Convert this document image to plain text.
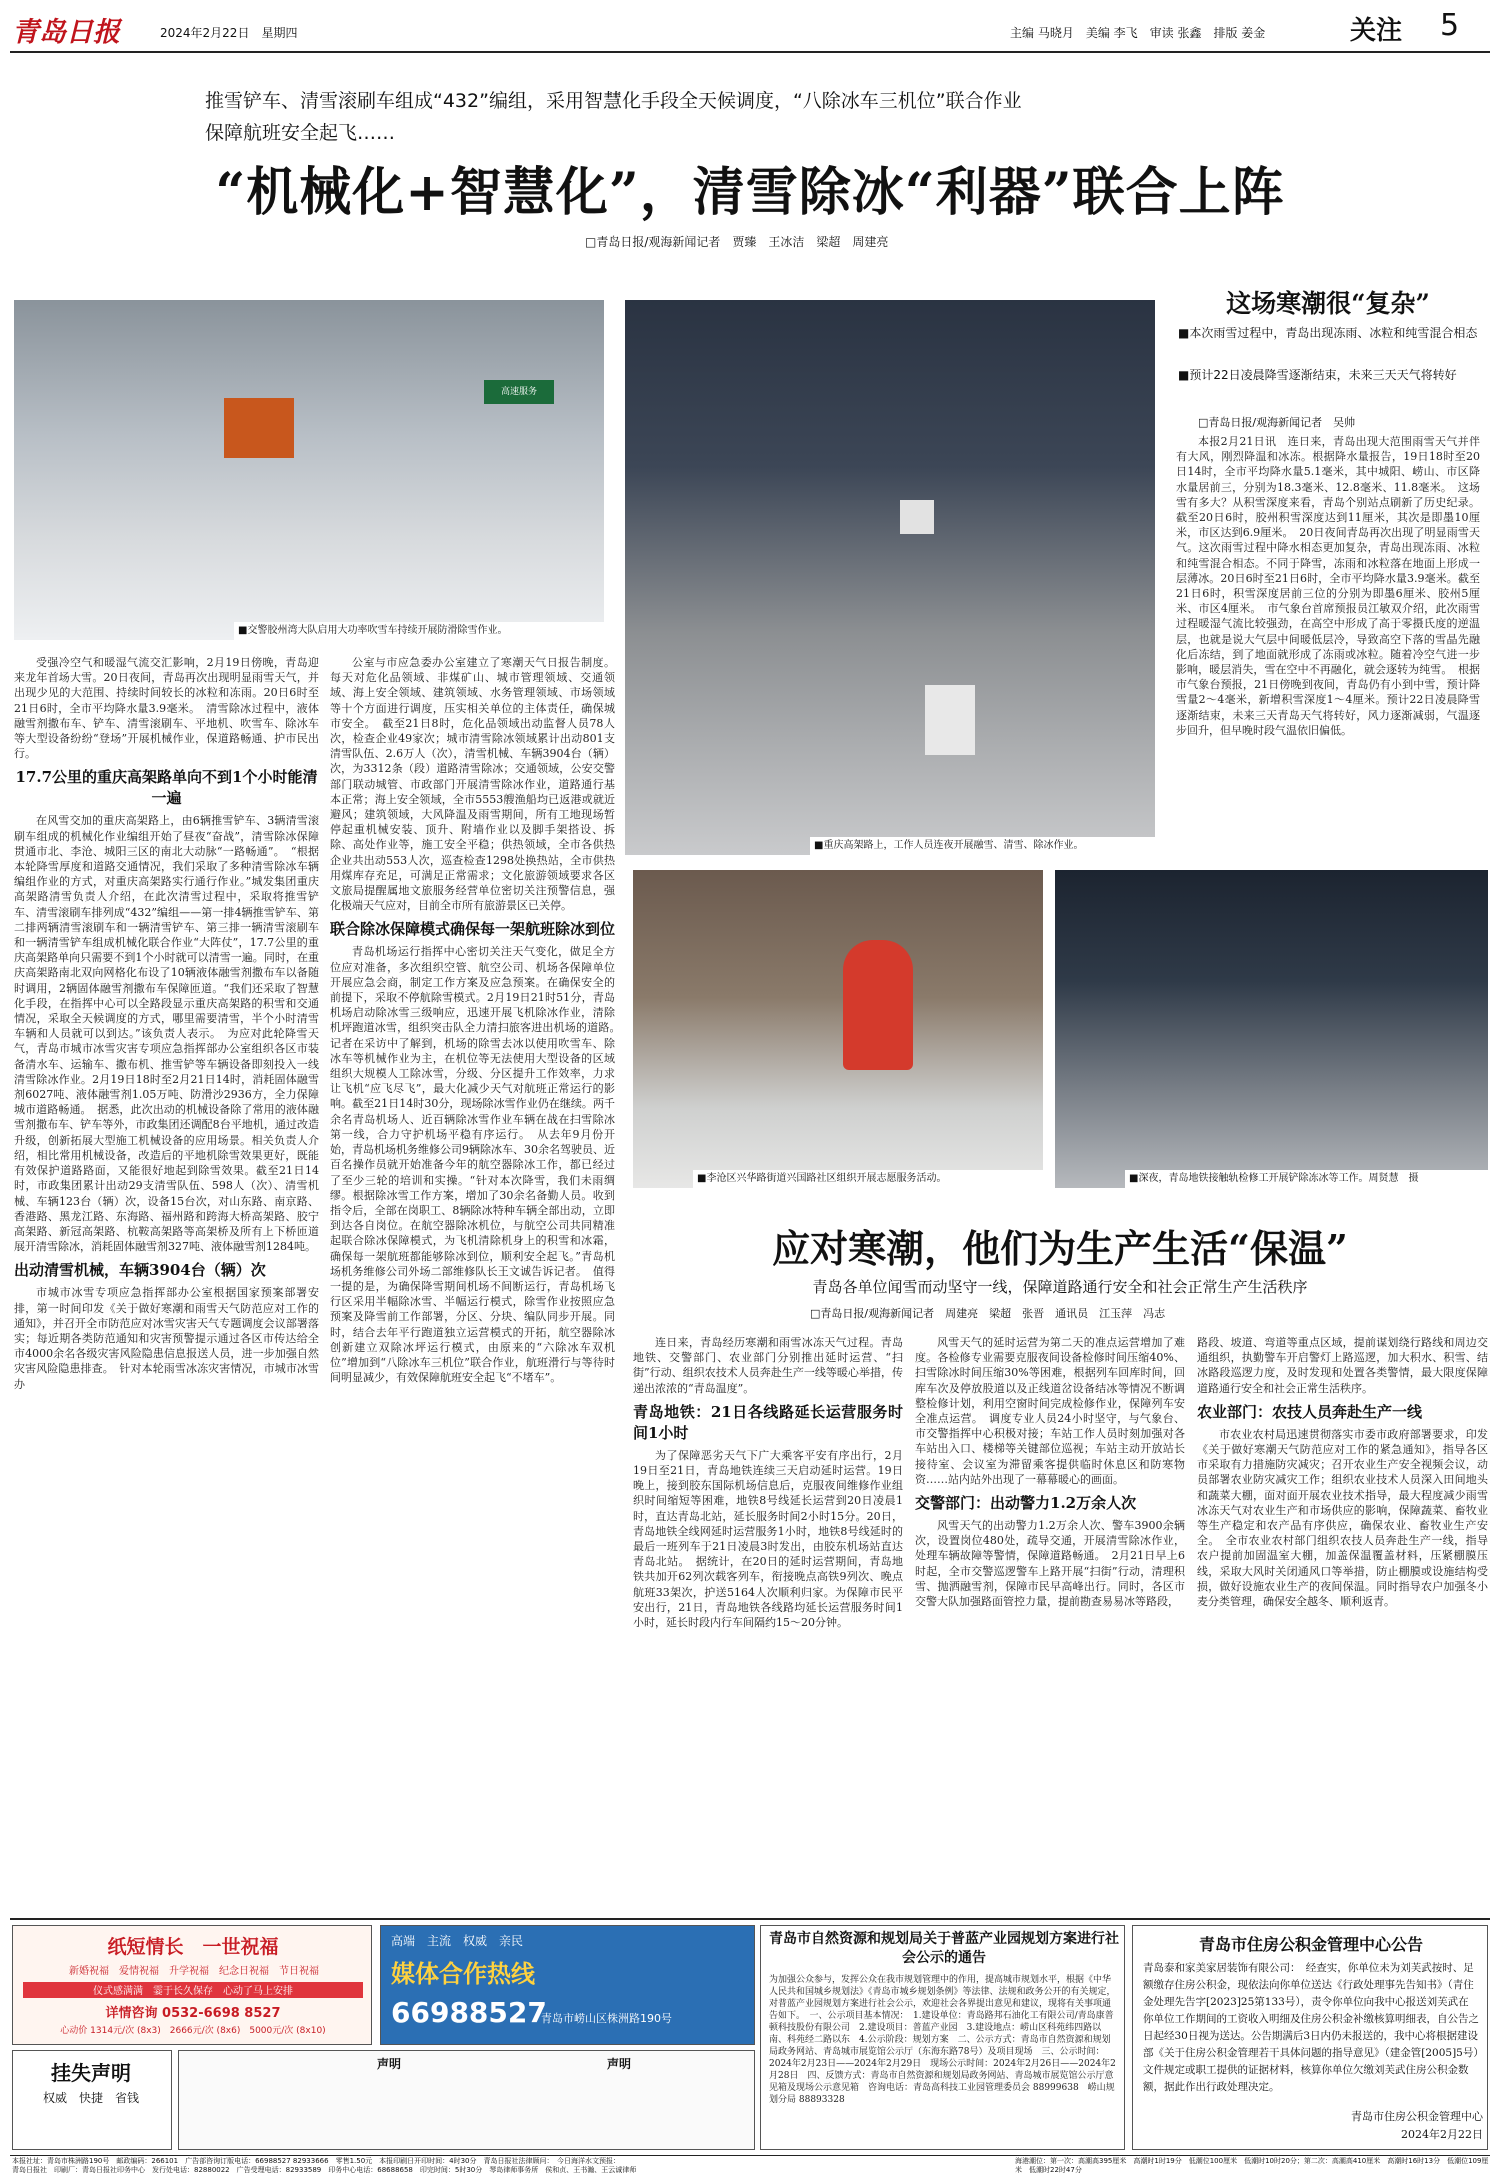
青岛日报	2024年2月22日　星期四	主编 马晓月　美编 李飞　审读 张鑫　排版 姜金	关注	5
推雪铲车、清雪滚刷车组成“432”编组，采用智慧化手段全天候调度，“八除冰车三机位”联合作业
保障航班安全起飞……
“机械化+智慧化”，清雪除冰“利器”联合上阵
□青岛日报/观海新闻记者　贾臻　王冰洁　梁超　周建亮
高速服务
■交警胶州湾大队启用大功率吹雪车持续开展防滑除雪作业。
■重庆高架路上，工作人员连夜开展融雪、清雪、除冰作业。
这场寒潮很“复杂”
■本次雨雪过程中，青岛出现冻雨、冰粒和纯雪混合相态
■预计22日凌晨降雪逐渐结束，未来三天天气将转好
□青岛日报/观海新闻记者　吴帅
本报2月21日讯　连日来，青岛出现大范围雨雪天气并伴有大风，刚烈降温和冰冻。根据降水量报告，19日18时至20日14时，全市平均降水量5.1毫米，其中城阳、崂山、市区降水量居前三，分别为18.3毫米、12.8毫米、11.8毫米。　这场雪有多大？从积雪深度来看，青岛个别站点刷新了历史纪录。截至20日6时，胶州积雪深度达到11厘米，其次是即墨10厘米，市区达到6.9厘米。　20日夜间青岛再次出现了明显雨雪天气。这次雨雪过程中降水相态更加复杂，青岛出现冻雨、冰粒和纯雪混合相态。不同于降雪，冻雨和冰粒落在地面上形成一层薄冰。20日6时至21日6时，全市平均降水量3.9毫米。截至21日6时，积雪深度居前三位的分别为即墨6厘米、胶州5厘米、市区4厘米。　市气象台首席预报员江敏双介绍，此次雨雪过程暖湿气流比较强劲，在高空中形成了高于零摄氏度的逆温层，也就是说大气层中间暖低层冷，导致高空下落的雪晶先融化后冻结，到了地面就形成了冻雨或冰粒。随着冷空气进一步影响，暖层消失，雪在空中不再融化，就会逐转为纯雪。　根据市气象台预报，21日傍晚到夜间，青岛仍有小到中雪，预计降雪量2～4毫米，新增积雪深度1～4厘米。预计22日凌晨降雪逐渐结束，未来三天青岛天气将转好，风力逐渐减弱，气温逐步回升，但早晚时段气温依旧偏低。

受强冷空气和暖湿气流交汇影响，2月19日傍晚，青岛迎来龙年首场大雪。20日夜间，青岛再次出现明显雨雪天气，并出现少见的大范围、持续时间较长的冰粒和冻雨。20日6时至21日6时，全市平均降水量3.9毫米。　清雪除冰过程中，液体融雪剂撒布车、铲车、清雪滚刷车、平地机、吹雪车、除冰车等大型设备纷纷“登场”开展机械作业，保道路畅通、护市民出行。

17.7公里的重庆高架路单向不到1个小时能清一遍

在风雪交加的重庆高架路上，由6辆推雪铲车、3辆清雪滚刷车组成的机械化作业编组开始了昼夜“奋战”，清雪除冰保障贯通市北、李沧、城阳三区的南北大动脉“一路畅通”。　“根据本轮降雪厚度和道路交通情况，我们采取了多种清雪除冰车辆编组作业的方式，对重庆高架路实行通行作业。”城发集团重庆高架路清雪负责人介绍，在此次清雪过程中，采取将推雪铲车、清雪滚刷车排列成“432”编组——第一排4辆推雪铲车、第二排两辆清雪滚刷车和一辆清雪铲车、第三排一辆清雪滚刷车和一辆清雪铲车组成机械化联合作业“大阵仗”，17.7公里的重庆高架路单向只需要不到1个小时就可以清雪一遍。同时，在重庆高架路南北双向网格化布设了10辆液体融雪剂撒布车以备随时调用，2辆固体融雪剂撒布车保障匝道。“我们还采取了智慧化手段，在指挥中心可以全路段显示重庆高架路的积雪和交通情况，采取全天候调度的方式，哪里需要清雪，半个小时清雪车辆和人员就可以到达。”该负责人表示。　为应对此轮降雪天气，青岛市城市冰雪灾害专项应急指挥部办公室组织各区市装备清水车、运输车、撒布机、推雪铲等车辆设备即刻投入一线清雪除冰作业。2月19日18时至2月21日14时，消耗固体融雪剂6027吨、液体融雪剂1.05万吨、防滑沙2936方，全力保障城市道路畅通。　据悉，此次出动的机械设备除了常用的液体融雪剂撒布车、铲车等外，市政集团还调配8台平地机，通过改造升级，创新拓展大型施工机械设备的应用场景。相关负责人介绍，相比常用机械设备，改造后的平地机除雪效果更好，既能有效保护道路路面，又能很好地起到除雪效果。截至21日14时，市政集团累计出动29支清雪队伍、598人（次）、清雪机械、车辆123台（辆）次，设备15台次，对山东路、南京路、香港路、黑龙江路、东海路、福州路和跨海大桥高架路、胶宁高架路、新冠高架路、杭鞍高架路等高架桥及所有上下桥匝道展开清雪除冰，消耗固体融雪剂327吨、液体融雪剂1284吨。

出动清雪机械，车辆3904台（辆）次

市城市冰雪专项应急指挥部办公室根据国家预案部署安排，第一时间印发《关于做好寒潮和雨雪天气防范应对工作的通知》，并召开全市防范应对冰雪灾害天气专题调度会议部署落实；每近期各类防范通知和灾害预警提示通过各区市传达给全市4000余名各级灾害风险隐患信息报送人员，进一步加强自然灾害风险隐患排查。　针对本轮雨雪冰冻灾害情况，市城市冰雪办

公室与市应急委办公室建立了寒潮天气日报告制度。每天对危化品领域、非煤矿山、城市管理领域、交通领域、海上安全领域、建筑领域、水务管理领域、市场领域等十个方面进行调度，压实相关单位的主体责任，确保城市安全。　截至21日8时，危化品领域出动监督人员78人次，检查企业49家次；城市清雪除冰领域累计出动801支清雪队伍、2.6万人（次），清雪机械、车辆3904台（辆）次，为3312条（段）道路清雪除冰；交通领域，公安交警部门联动城管、市政部门开展清雪除冰作业，道路通行基本正常；海上安全领域，全市5553艘渔船均已返港或就近避风；建筑领域，大风降温及雨雪期间，所有工地现场暂停起重机械安装、顶升、附墙作业以及脚手架搭设、拆除、高处作业等，施工安全平稳；供热领域，全市各供热企业共出动553人次，巡查检查1298处换热站，全市供热用煤库存充足，可满足正常需求；文化旅游领域要求各区文旅局提醒属地文旅服务经营单位密切关注预警信息，强化极端天气应对，目前全市所有旅游景区已关停。

联合除冰保障模式确保每一架航班除冰到位

青岛机场运行指挥中心密切关注天气变化，做足全方位应对准备，多次组织空管、航空公司、机场各保障单位开展应急会商，制定工作方案及应急预案。在确保安全的前提下，采取不停航除雪模式。2月19日21时51分，青岛机场启动除冰雪三级响应，迅速开展飞机除冰作业，清除机坪跑道冰雪，组织突击队全力清扫旅客进出机场的道路。　记者在采访中了解到，机场的除雪去冰以使用吹雪车、除冰车等机械作业为主，在机位等无法使用大型设备的区域组织大规模人工除冰雪，分级、分区提升工作效率，力求让飞机“应飞尽飞”，最大化减少天气对航班正常运行的影响。截至21日14时30分，现场除冰雪作业仍在继续。两千余名青岛机场人、近百辆除冰雪作业车辆在战在扫雪除冰第一线，合力守护机场平稳有序运行。　从去年9月份开始，青岛机场机务维修公司9辆除冰车、30余名驾驶员、近百名操作员就开始准备今年的航空器除冰工作，都已经过了至少三轮的培训和实操。“针对本次降雪，我们未雨绸缪。根据除冰雪工作方案，增加了30余名备勤人员。收到指令后，全部在岗职工、8辆除冰特种车辆全部出动，立即到达各自岗位。在航空器除冰机位，与航空公司共同精准起联合除冰保障模式，为飞机清除机身上的积雪和冰霜，确保每一架航班都能够除冰到位，顺利安全起飞。”青岛机场机务维修公司外场二部维修队长王文诚告诉记者。　值得一提的是，为确保降雪期间机场不间断运行，青岛机场飞行区采用半幅除冰雪、半幅运行模式，除雪作业按照应急预案及降雪前工作部署，分区、分块、编队同步开展。同时，结合去年平行跑道独立运营模式的开拓，航空器除冰创新建立双除冰坪运行模式，由原来的“六除冰车双机位”增加到“八除冰车三机位”联合作业，航班滑行与等待时间明显减少，有效保障航班安全起飞“不堵车”。

■李沧区兴华路街道兴国路社区组织开展志愿服务活动。	■深夜，青岛地铁接触轨检修工开展铲除冻冰等工作。周贤慧　摄
应对寒潮，他们为生产生活“保温”
青岛各单位闻雪而动坚守一线，保障道路通行安全和社会正常生产生活秩序
□青岛日报/观海新闻记者　周建亮　梁超　张晋　通讯员　江玉萍　冯志

连日来，青岛经历寒潮和雨雪冰冻天气过程。青岛地铁、交警部门、农业部门分别推出延时运营、“扫街”行动、组织农技术人员奔赴生产一线等暖心举措，传递出浓浓的“青岛温度”。

青岛地铁：21日各线路延长运营服务时间1小时

为了保障恶劣天气下广大乘客平安有序出行，2月19日至21日，青岛地铁连续三天启动延时运营。19日晚上，接到胶东国际机场信息后，克服夜间维修作业组织时间缩短等困难，地铁8号线延长运营到20日凌晨1时，直达青岛北站，延长服务时间2小时15分。20日，青岛地铁全线网延时运营服务1小时，地铁8号线延时的最后一班列车于21日凌晨3时发出，由胶东机场站直达青岛北站。　据统计，在20日的延时运营期间，青岛地铁共加开62列次载客列车，衔接晚点高铁9列次、晚点航班33架次，护送5164人次顺利归家。为保障市民平安出行，21日，青岛地铁各线路均延长运营服务时间1小时，延长时段内行车间隔约15～20分钟。

风雪天气的延时运营为第二天的准点运营增加了难度。各检修专业需要克服夜间设备检修时间压缩40%、扫雪除冰时间压缩30%等困难，根据列车回库时间，回库车次及停放股道以及正线道岔设备结冰等情况不断调整检修计划，利用空窗时间完成检修作业，保障列车安全准点运营。　调度专业人员24小时坚守，与气象台、市交警指挥中心积极对接；车站工作人员时刻加强对各车站出入口、楼梯等关键部位巡视；车站主动开放站长接待室、会议室为滞留乘客提供临时休息区和防寒物资……站内站外出现了一幕幕暖心的画面。

交警部门：出动警力1.2万余人次

风雪天气的出动警力1.2万余人次、警车3900余辆次，设置岗位480处，疏导交通，开展清雪除冰作业，处理车辆故障等警情，保障道路畅通。　2月21日早上6时起，全市交警巡逻警车上路开展“扫街”行动，清理积雪、抛洒融雪剂，保障市民早高峰出行。同时，各区市交警大队加强路面管控力量，提前勘查易易冰等路段，

路段、坡道、弯道等重点区域，提前谋划绕行路线和周边交通组织，执勤警车开启警灯上路巡逻，加大积水、积雪、结冰路段巡逻力度，及时发现和处置各类警情，最大限度保障道路通行安全和社会正常生活秩序。

农业部门：农技人员奔赴生产一线

市农业农村局迅速贯彻落实市委市政府部署要求，印发《关于做好寒潮天气防范应对工作的紧急通知》，指导各区市采取有力措施防灾减灾；召开农业生产安全视频会议，动员部署农业防灾减灾工作；组织农业技术人员深入田间地头和蔬菜大棚，面对面开展农业技术指导，最大程度减少雨雪冰冻天气对农业生产和市场供应的影响，保障蔬菜、畜牧业等生产稳定和农产品有序供应，确保农业、畜牧业生产安全。　全市农业农村部门组织农技人员奔赴生产一线，指导农户提前加固温室大棚，加盖保温覆盖材料，压紧棚膜压线，采取大风时关闭通风口等举措，防止棚膜或设施结构受损，做好设施农业生产的夜间保温。同时指导农户加强冬小麦分类管理，确保安全越冬、顺利返青。

纸短情长　一世祝福
新婚祝福　爱情祝福　升学祝福　纪念日祝福　节日祝福
仪式感满满　霎于长久保存　心动了马上安排
详情咨询 0532-6698 8527
心动价 1314元/次 (8x3)　2666元/次 (8x6)　5000元/次 (8x10)
高端　主流　权威　亲民
媒体合作热线
66988527
青岛市崂山区株洲路190号
青岛市自然资源和规划局关于普蓝产业园规划方案进行社会公示的通告
为加强公众参与，发挥公众在我市规划管理中的作用，提高城市规划水平，根据《中华人民共和国城乡规划法》《青岛市城乡规划条例》等法律、法规和政务公开的有关规定，对普蓝产业园规划方案进行社会公示，欢迎社会各界提出意见和建议，现将有关事项通告如下。　一、公示项目基本情况：　1.建设单位：青岛路邦石油化工有限公司/青岛康普顿科技股份有限公司　2.建设项目：普蓝产业园　3.建设地点：崂山区科苑纬四路以南、科苑经二路以东　4.公示阶段：规划方案　二、公示方式：青岛市自然资源和规划局政务网站、青岛城市展览馆公示厅（东海东路78号）及项目现场　三、公示时间：2024年2月23日——2024年2月29日　现场公示时间：2024年2月26日——2024年2月28日　四、反馈方式：青岛市自然资源和规划局政务网站、青岛城市展览馆公示厅意见箱及现场公示意见箱　咨询电话：青岛高科技工业园管理委员会 88999638　崂山规划分局 88893328
青岛市住房公积金管理中心公告
青岛泰和家美家居装饰有限公司：　经查实，你单位未为刘芙武按时、足额缴存住房公积金，现依法向你单位送达《行政处理事先告知书》（青住金处理先告字[2023]25第133号），责令你单位向我中心报送刘芙武在你单位工作期间的工资收入明细及住房公积金补缴核算明细表，自公告之日起经30日视为送达。公告期满后3日内仍未报送的，我中心将根据建设部《关于住房公积金管理若干具体问题的指导意见》（建金管[2005]5号）文件规定或职工提供的证据材料，核算你单位欠缴刘芙武住房公积金数额，据此作出行政处理决定。
青岛市住房公积金管理中心
2024年2月22日
挂失声明
权威　快捷　省钱
声明	声明
本报社址：青岛市株洲路190号　邮政编码：266101　广告部咨询订版电话：66988527 82933666　零售1.50元　本报印刷日开印时间：4时30分　青岛日报社法律顾问：　今日海洋水文预报：
青岛日报社　印刷厂：青岛日报社印务中心　发行处电话：82880022　广告受理电话：82933589　印务中心电话：68688658　印完时间：5时30分　琴岛律师事务所　侯和贞、王书瀚、王云诚律师
海港潮位：第一次：高潮高395厘米　高潮时1时19分　低潮位100厘米　低潮时10时20分；第二次：高潮高410厘米　高潮时16时13分　低潮位109厘米　低潮时22时47分
